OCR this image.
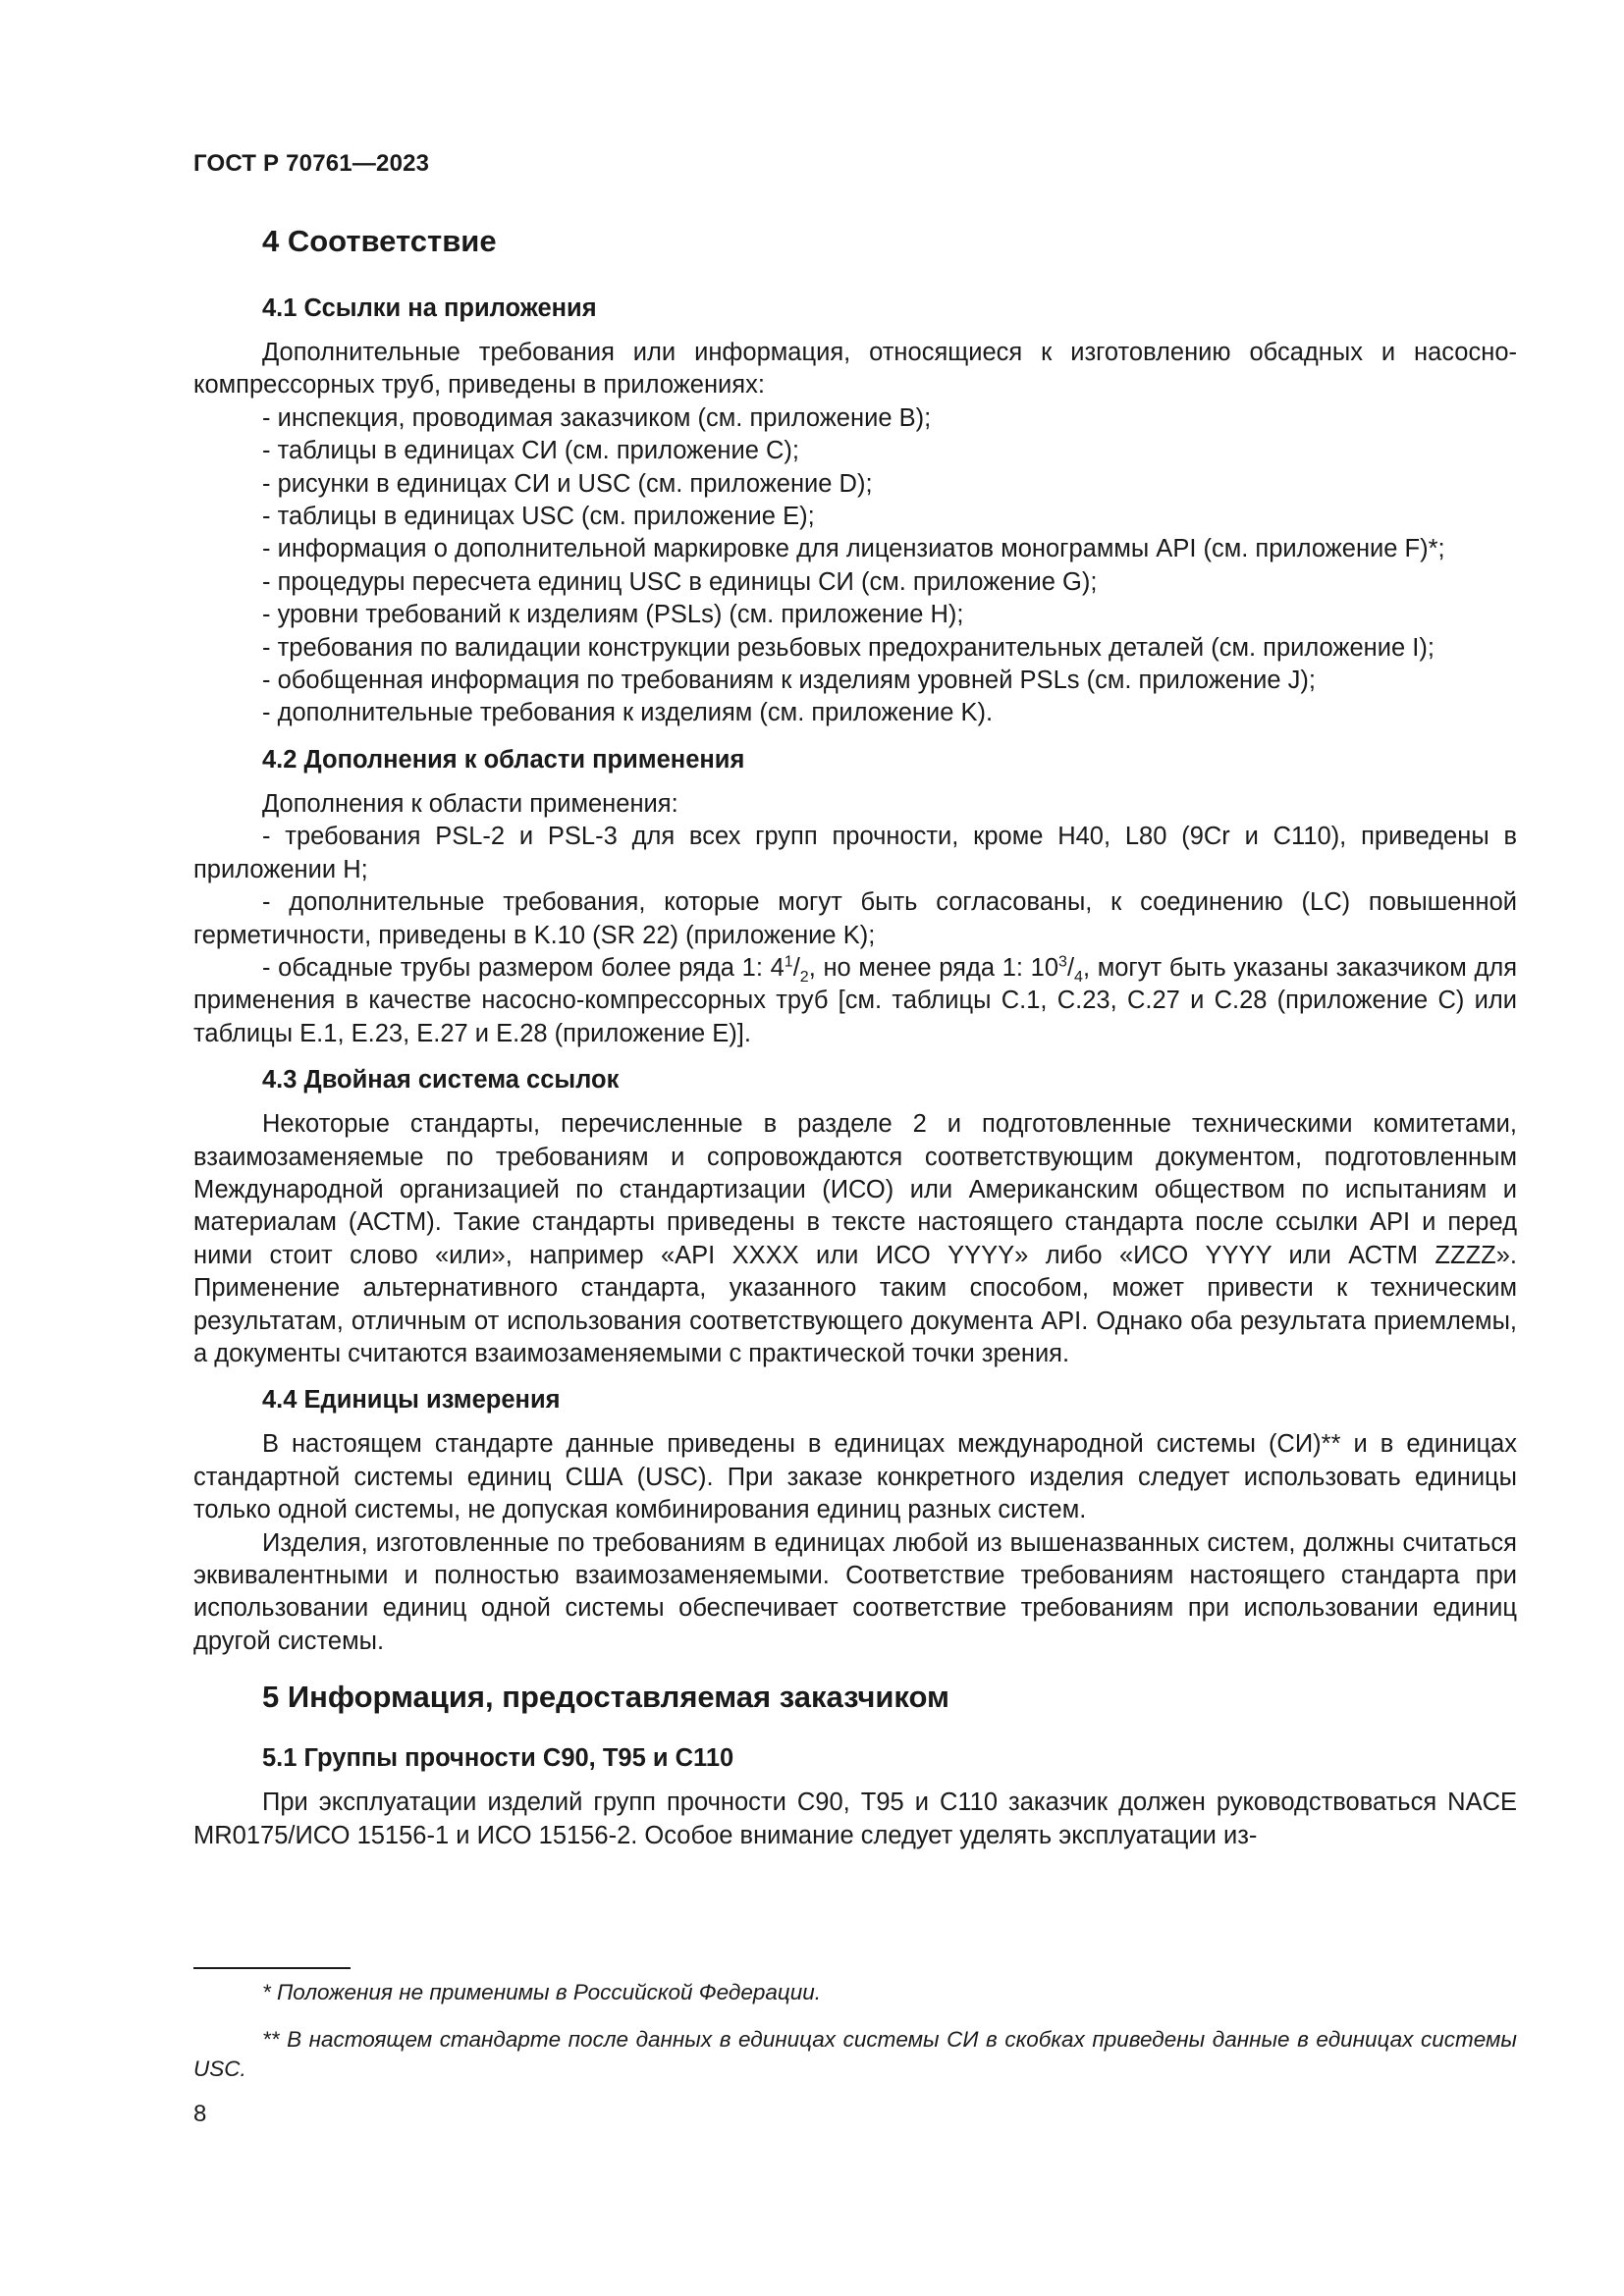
ГОСТ Р 70761—2023
4 Соответствие
4.1 Ссылки на приложения

Дополнительные требования или информация, относящиеся к изготовлению обсадных и насосно-компрессорных труб, приведены в приложениях:

- инспекция, проводимая заказчиком (см. приложение B);

- таблицы в единицах СИ (см. приложение С);

- рисунки в единицах СИ и USC (см. приложение D);

- таблицы в единицах USC (см. приложение E);

- информация о дополнительной маркировке для лицензиатов монограммы API (см. приложение F)*;

- процедуры пересчета единиц USC в единицы СИ (см. приложение G);

- уровни требований к изделиям (PSLs) (см. приложение H);

- требования по валидации конструкции резьбовых предохранительных деталей (см. приложение I);

- обобщенная информация по требованиям к изделиям уровней PSLs (см. приложение J);

- дополнительные требования к изделиям (см. приложение K).

4.2 Дополнения к области применения

Дополнения к области применения:

- требования PSL-2 и PSL-3 для всех групп прочности, кроме H40, L80 (9Cr и C110), приведены в приложении H;

- дополнительные требования, которые могут быть согласованы, к соединению (LC) повышенной герметичности, приведены в K.10 (SR 22) (приложение K);

- обсадные трубы размером более ряда 1: $4^1/_2$, но менее ряда 1: $10^3/_4$, могут быть указаны заказчиком для применения в качестве насосно-компрессорных труб [см. таблицы С.1, С.23, С.27 и С.28 (приложение С) или таблицы Е.1, Е.23, Е.27 и Е.28 (приложение Е)].

4.3 Двойная система ссылок

Некоторые стандарты, перечисленные в разделе 2 и подготовленные техническими комитетами, взаимозаменяемые по требованиям и сопровождаются соответствующим документом, подготовленным Международной организацией по стандартизации (ИСО) или Американским обществом по испытаниям и материалам (АСТМ). Такие стандарты приведены в тексте настоящего стандарта после ссылки API и перед ними стоит слово «или», например «API XXXX или ИСО YYYY» либо «ИСО YYYY или АСТМ ZZZZ». Применение альтернативного стандарта, указанного таким способом, может привести к техническим результатам, отличным от использования соответствующего документа API. Однако оба результата приемлемы, а документы считаются взаимозаменяемыми с практической точки зрения.

4.4 Единицы измерения

В настоящем стандарте данные приведены в единицах международной системы (СИ)** и в единицах стандартной системы единиц США (USC). При заказе конкретного изделия следует использовать единицы только одной системы, не допуская комбинирования единиц разных систем.

Изделия, изготовленные по требованиям в единицах любой из вышеназванных систем, должны считаться эквивалентными и полностью взаимозаменяемыми. Соответствие требованиям настоящего стандарта при использовании единиц одной системы обеспечивает соответствие требованиям при использовании единиц другой системы.

5 Информация, предоставляемая заказчиком
5.1 Группы прочности С90, Т95 и С110

При эксплуатации изделий групп прочности С90, Т95 и С110 заказчик должен руководствоваться NACE MR0175/ИСО 15156-1 и ИСО 15156-2. Особое внимание следует уделять эксплуатации из-

* Положения не применимы в Российской Федерации.
** В настоящем стандарте после данных в единицах системы СИ в скобках приведены данные в единицах системы USC.
8
